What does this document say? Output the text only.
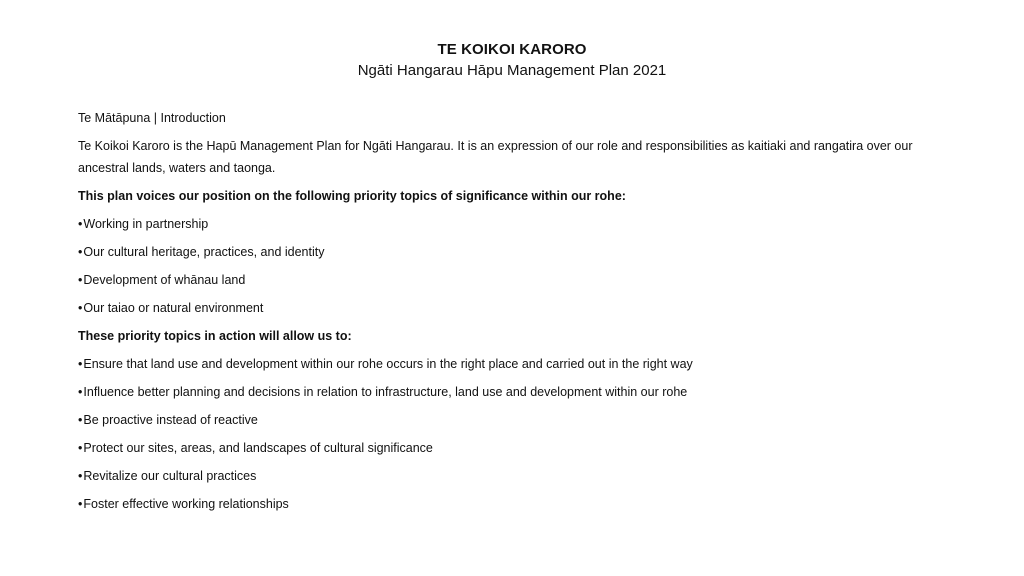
TE KOIKOI KARORO
Ngāti Hangarau Hāpu Management Plan 2021

Te Mātāpuna | Introduction

Te Koikoi Karoro is the Hapū Management Plan for Ngāti Hangarau. It is an expression of our role and responsibilities as kaitiaki and rangatira over our ancestral lands, waters and taonga.

This plan voices our position on the following priority topics of significance within our rohe:

•Working in partnership
•Our cultural heritage, practices, and identity
•Development of whānau land
•Our taiao or natural environment

These priority topics in action will allow us to:

•Ensure that land use and development within our rohe occurs in the right place and carried out in the right way
•Influence better planning and decisions in relation to infrastructure, land use and development within our rohe
•Be proactive instead of reactive
•Protect our sites, areas, and landscapes of cultural significance
•Revitalize our cultural practices
•Foster effective working relationships
